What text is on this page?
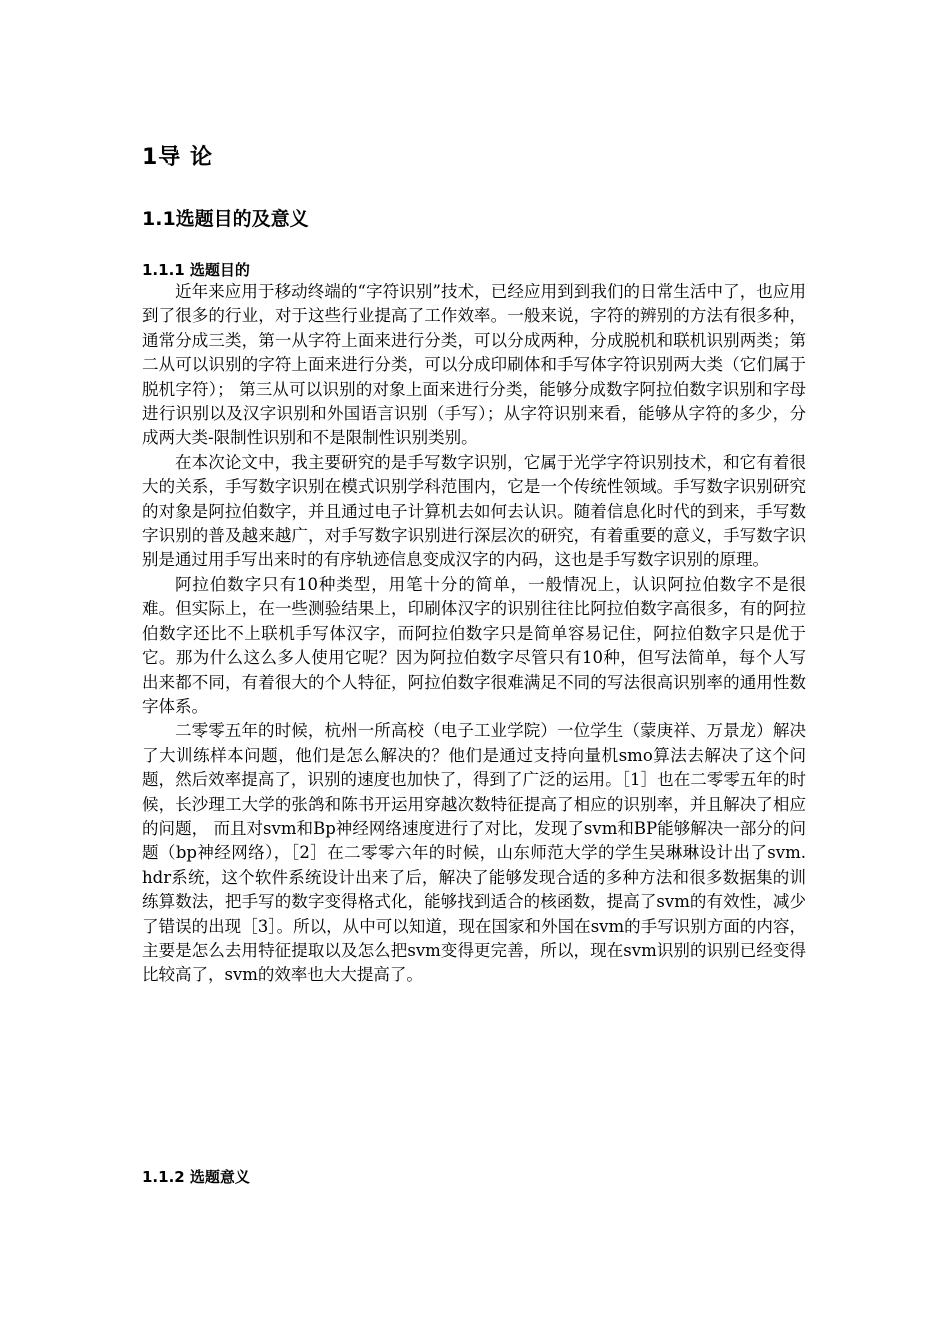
1导 论
1.1选题目的及意义
1.1.1 选题目的

近年来应用于移动终端的“字符识别”技术，已经应用到到我们的日常生活中了，也应用到了很多的行业，对于这些行业提高了工作效率。一般来说，字符的辨别的方法有很多种，通常分成三类，第一从字符上面来进行分类，可以分成两种，分成脱机和联机识别两类；第二从可以识别的字符上面来进行分类，可以分成印刷体和手写体字符识别两大类（它们属于脱机字符）； 第三从可以识别的对象上面来进行分类，能够分成数字阿拉伯数字识别和字母进行识别以及汉字识别和外国语言识别（手写）；从字符识别来看，能够从字符的多少，分成两大类-限制性识别和不是限制性识别类别。

在本次论文中，我主要研究的是手写数字识别，它属于光学字符识别技术，和它有着很大的关系，手写数字识别在模式识别学科范围内，它是一个传统性领域。手写数字识别研究的对象是阿拉伯数字，并且通过电子计算机去如何去认识。随着信息化时代的到来，手写数字识别的普及越来越广，对手写数字识别进行深层次的研究，有着重要的意义，手写数字识别是通过用手写出来时的有序轨迹信息变成汉字的内码，这也是手写数字识别的原理。

阿拉伯数字只有10种类型，用笔十分的简单，一般情况上，认识阿拉伯数字不是很难。但实际上，在一些测验结果上，印刷体汉字的识别往往比阿拉伯数字高很多，有的阿拉伯数字还比不上联机手写体汉字，而阿拉伯数字只是简单容易记住，阿拉伯数字只是优于它。那为什么这么多人使用它呢？因为阿拉伯数字尽管只有10种，但写法简单，每个人写出来都不同，有着很大的个人特征，阿拉伯数字很难满足不同的写法很高识别率的通用性数字体系。

二零零五年的时候，杭州一所高校（电子工业学院）一位学生（蒙庚祥、万景龙）解决了大训练样本问题，他们是怎么解决的？他们是通过支持向量机smo算法去解决了这个问题，然后效率提高了，识别的速度也加快了，得到了广泛的运用。［1］也在二零零五年的时候，长沙理工大学的张鸽和陈书开运用穿越次数特征提高了相应的识别率，并且解决了相应的问题， 而且对svm和Bp神经网络速度进行了对比，发现了svm和BP能够解决一部分的问题（bp神经网络），［2］在二零零六年的时候，山东师范大学的学生吴琳琳设计出了svm. hdr系统，这个软件系统设计出来了后，解决了能够发现合适的多种方法和很多数据集的训练算数法，把手写的数字变得格式化，能够找到适合的核函数，提高了svm的有效性，减少了错误的出现［3］。所以，从中可以知道，现在国家和外国在svm的手写识别方面的内容，主要是怎么去用特征提取以及怎么把svm变得更完善，所以，现在svm识别的识别已经变得比较高了，svm的效率也大大提高了。

1.1.2 选题意义
